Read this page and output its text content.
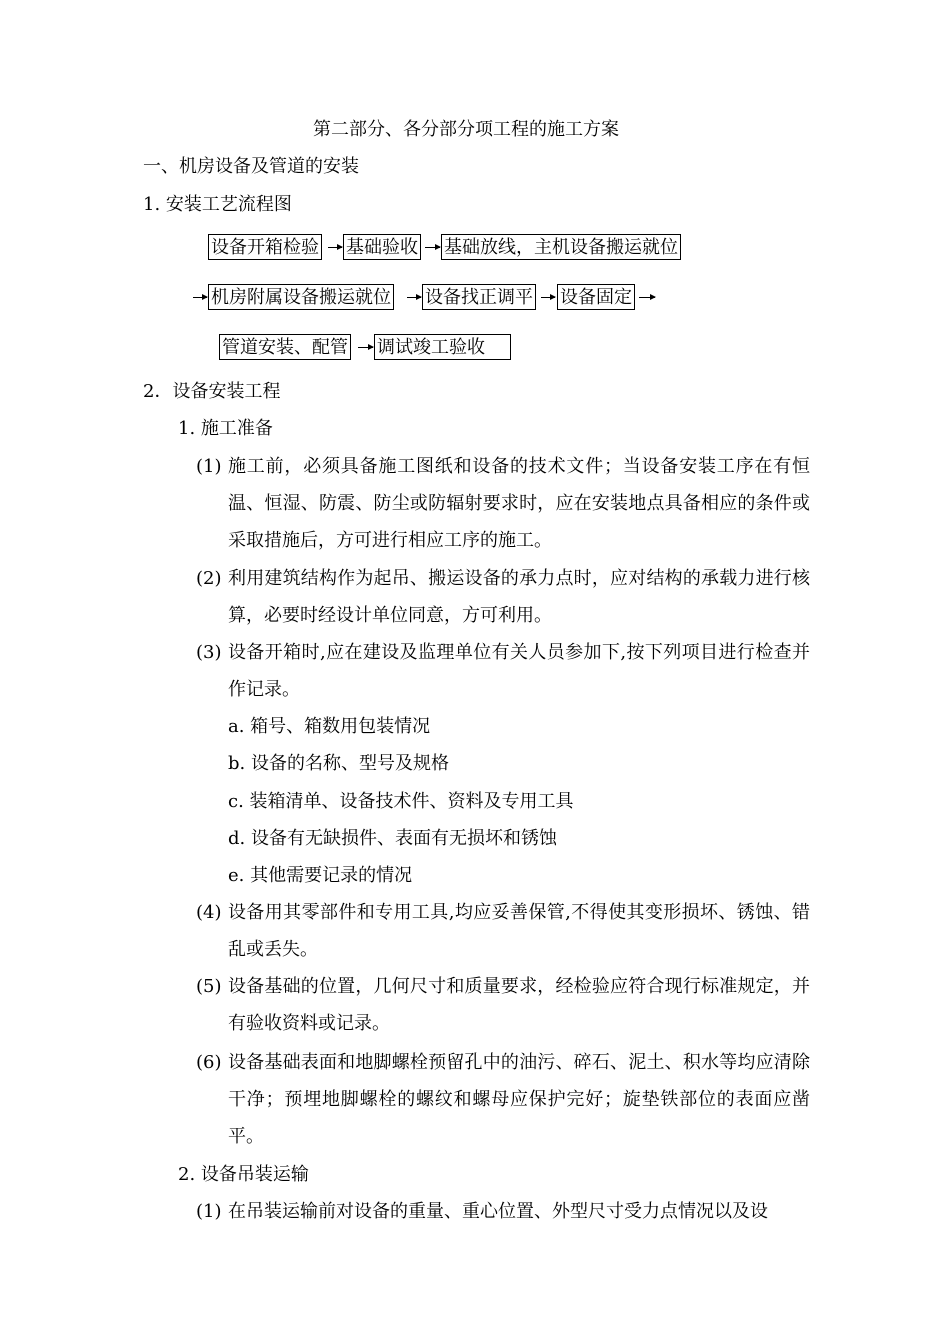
第二部分、各分部分项工程的施工方案
一、机房设备及管道的安装
1. 安装工艺流程图
设备开箱检验 基础验收 基础放线，主机设备搬运就位
机房附属设备搬运就位 设备找正调平 设备固定
管道安装、配管 调试竣工验收
2．设备安装工程
1. 施工准备
(1) 施工前，必须具备施工图纸和设备的技术文件；当设备安装工序在有恒温、恒湿、防震、防尘或防辐射要求时，应在安装地点具备相应的条件或采取措施后，方可进行相应工序的施工。
(2) 利用建筑结构作为起吊、搬运设备的承力点时，应对结构的承载力进行核算，必要时经设计单位同意，方可利用。
(3) 设备开箱时,应在建设及监理单位有关人员参加下,按下列项目进行检查并作记录。
a. 箱号、箱数用包装情况
b. 设备的名称、型号及规格
c. 装箱清单、设备技术件、资料及专用工具
d. 设备有无缺损件、表面有无损坏和锈蚀
e. 其他需要记录的情况
(4) 设备用其零部件和专用工具,均应妥善保管,不得使其变形损坏、锈蚀、错乱或丢失。
(5) 设备基础的位置，几何尺寸和质量要求，经检验应符合现行标准规定，并有验收资料或记录。
(6) 设备基础表面和地脚螺栓预留孔中的油污、碎石、泥土、积水等均应清除干净；预埋地脚螺栓的螺纹和螺母应保护完好；旋垫铁部位的表面应凿平。
2. 设备吊装运输
(1) 在吊装运输前对设备的重量、重心位置、外型尺寸受力点情况以及设
